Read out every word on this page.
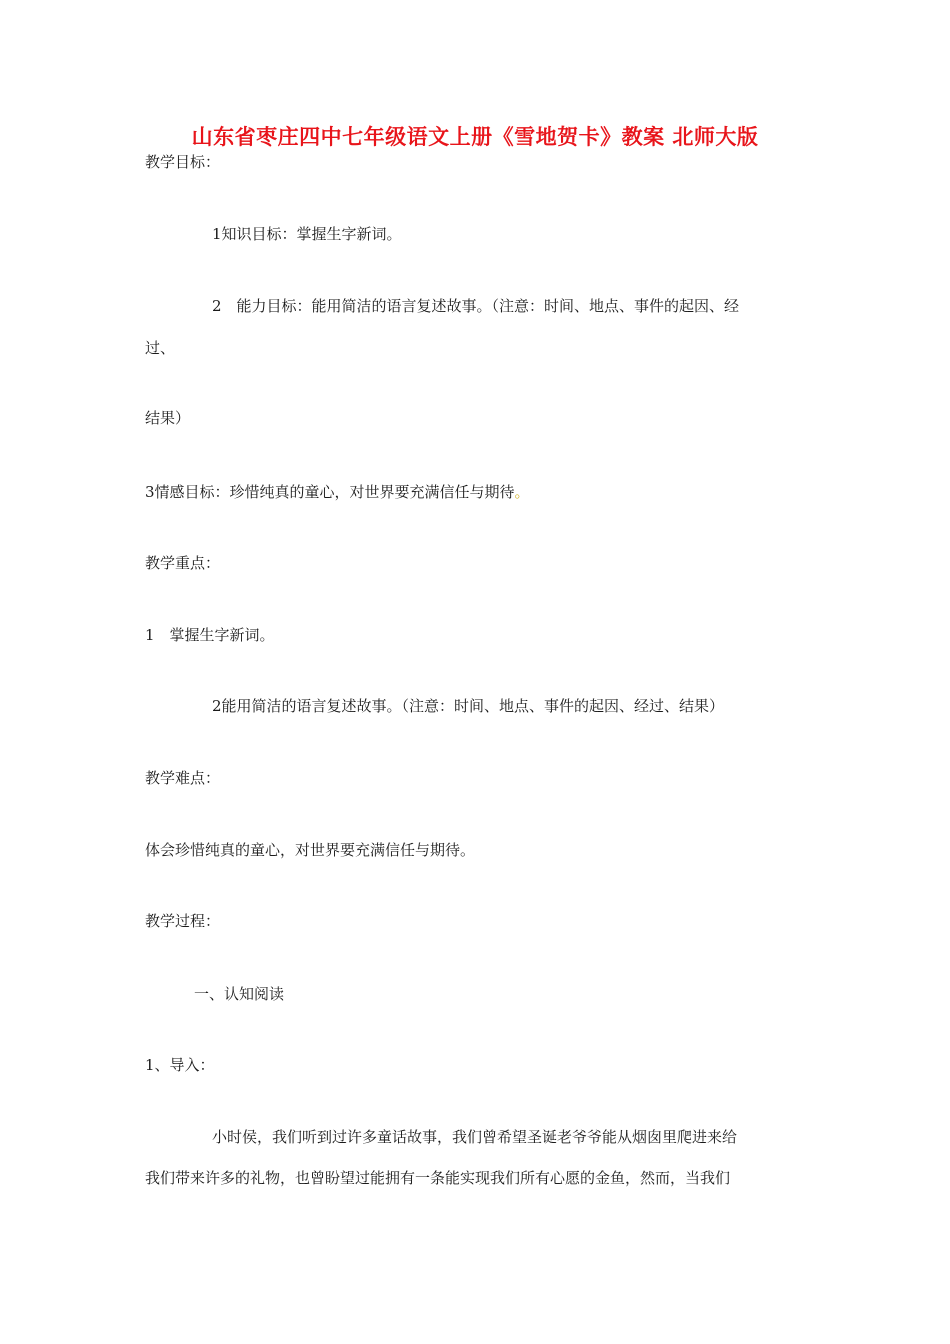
山东省枣庄四中七年级语文上册《雪地贺卡》教案 北师大版
教学目标：
1知识目标：掌握生字新词。
2　能力目标：能用简洁的语言复述故事。（注意：时间、地点、事件的起因、经
过、
结果）
3情感目标：珍惜纯真的童心，对世界要充满信任与期待。
教学重点：
1　掌握生字新词。
2能用简洁的语言复述故事。（注意：时间、地点、事件的起因、经过、结果）
教学难点：
体会珍惜纯真的童心，对世界要充满信任与期待。
教学过程：
一、认知阅读
1、导入：
小时侯，我们听到过许多童话故事，我们曾希望圣诞老爷爷能从烟囱里爬进来给
我们带来许多的礼物，也曾盼望过能拥有一条能实现我们所有心愿的金鱼，然而，当我们
